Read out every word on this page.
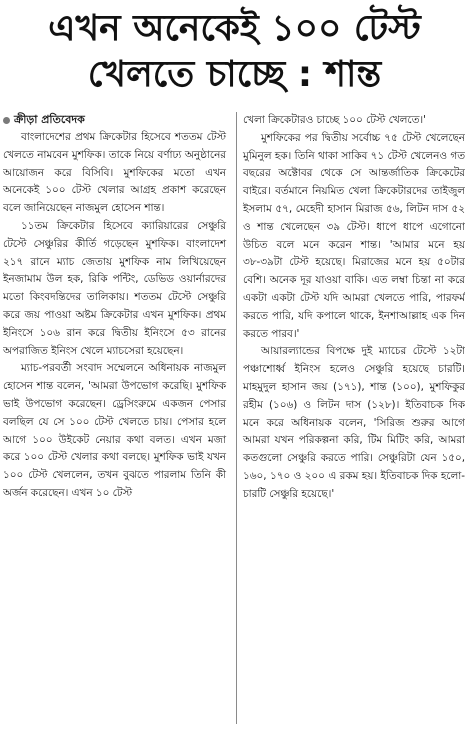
এখন অনেকেই ১০০ টেস্ট
খেলতে চাচ্ছে : শান্ত
ক্রীড়া প্রতিবেদক

বাংলাদেশের প্রথম ক্রিকেটার হিসেবে শততম টেস্ট খেলতে নামবেন মুশফিক। তাকে নিয়ে বর্ণাঢ্য অনুষ্ঠানের আয়োজন করে বিসিবি। মুশফিকের মতো এখন অনেকেই ১০০ টেস্ট খেলার আগ্রহ প্রকাশ করেছেন বলে জানিয়েছেন নাজমুল হোসেন শান্ত।

১১তম ক্রিকেটার হিসেবে ক্যারিয়ারের সেঞ্চুরি টেস্টে সেঞ্চুরির কীর্তি গড়েছেন মুশফিক। বাংলাদেশ ২১৭ রানে ম্যাচ জেতায় মুশফিক নাম লিখিয়েছেন ইনজামাম উল হক, রিকি পন্টিং, ডেভিড ওয়ার্নারদের মতো কিংবদন্তিদের তালিকায়। শততম টেস্টে সেঞ্চুরি করে জয় পাওয়া অষ্টম ক্রিকেটার এখন মুশফিক। প্রথম ইনিংসে ১০৬ রান করে দ্বিতীয় ইনিংসে ৫৩ রানের অপরাজিত ইনিংস খেলে ম্যাচসেরা হয়েছেন।

ম্যাচ-পরবর্তী সংবাদ সম্মেলনে অধিনায়ক নাজমুল হোসেন শান্ত বলেন, 'আমরা উপভোগ করেছি। মুশফিক ভাই উপভোগ করেছেন। ড্রেসিংরুমে একজন পেসার বলছিল যে সে ১০০ টেস্ট খেলতে চায়। পেসার হলে আগে ১০০ উইকেট নেয়ার কথা বলত। এখন মজা করে ১০০ টেস্ট খেলার কথা বলছে। মুশফিক ভাই যখন ১০০ টেস্ট খেললেন, তখন বুঝতে পারলাম তিনি কী অর্জন করেছেন। এখন ১০ টেস্ট

খেলা ক্রিকেটারও চাচ্ছে ১০০ টেস্ট খেলতে।'

মুশফিকের পর দ্বিতীয় সর্বোচ্চ ৭৫ টেস্ট খেলেছেন মুমিনুল হক। তিনি থাকা সাকিব ৭১ টেস্ট খেলেনও গত বছরের অক্টোবর থেকে সে আন্তর্জাতিক ক্রিকেটের বাইরে। বর্তমানে নিয়মিত খেলা ক্রিকেটারদের তাইজুল ইসলাম ৫৭, মেহেদী হাসান মিরাজ ৫৬, লিটন দাস ৫২ ও শান্ত খেলেছেন ৩৯ টেস্ট। ধাপে ধাপে এগোনো উচিত বলে মনে করেন শান্ত। 'আমার মনে হয় ৩৮-৩৯টা টেস্ট হয়েছে। মিরাজের মনে হয় ৫০টার বেশি। অনেক দূর যাওয়া বাকি। এত লম্বা চিন্তা না করে একটা একটা টেস্ট যদি আমরা খেলতে পারি, পারফর্ম করতে পারি, যদি কপালে থাকে, ইনশাআল্লাহ এক দিন করতে পারব।'

আয়ারল্যান্ডের বিপক্ষে দুই ম্যাচের টেস্টে ১২টা পঞ্চাশোর্ধ্ব ইনিংস হলেও সেঞ্চুরি হয়েছে চারটি। মাহমুদুল হাসান জয় (১৭১), শান্ত (১০০), মুশফিকুর রহীম (১০৬) ও লিটন দাস (১২৮)। ইতিবাচক দিক মনে করে অধিনায়ক বলেন, 'সিরিজ শুরুর আগে আমরা যখন পরিকল্পনা করি, টিম মিটিং করি, আমরা কতগুলো সেঞ্চুরি করতে পারি। সেঞ্চুরিটা যেন ১৫০, ১৬০, ১৭০ ও ২০০ এ রকম হয়। ইতিবাচক দিক হলো- চারটি সেঞ্চুরি হয়েছে।'
